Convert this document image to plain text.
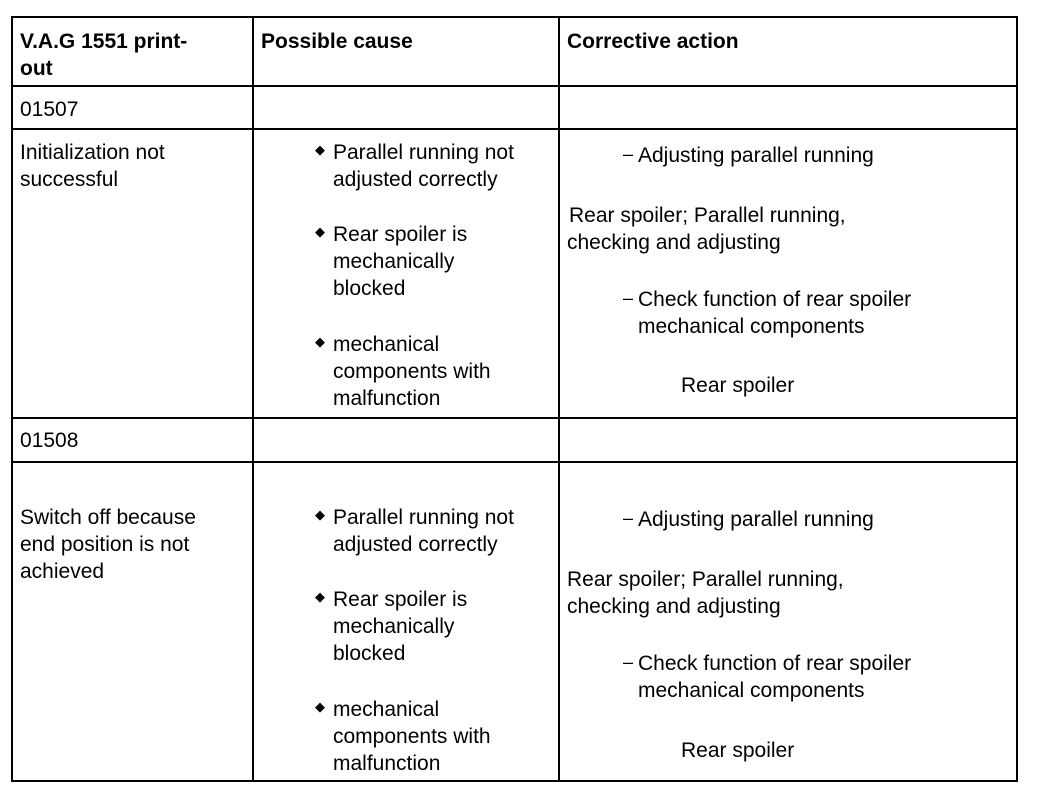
V.A.G 1551 print-
out
Possible cause	Corrective action
01507
Initialization not
successful
◆ Parallel running not
adjusted correctly
◆ Rear spoiler is
mechanically
blocked
◆ mechanical
components with
malfunction
– Adjusting parallel running
Rear spoiler; Parallel running,
checking and adjusting
– Check function of rear spoiler
mechanical components
Rear spoiler
01508
Switch off because
end position is not
achieved
◆ Parallel running not
adjusted correctly
◆ Rear spoiler is
mechanically
blocked
◆ mechanical
components with
malfunction
– Adjusting parallel running
Rear spoiler; Parallel running,
checking and adjusting
– Check function of rear spoiler
mechanical components
Rear spoiler
